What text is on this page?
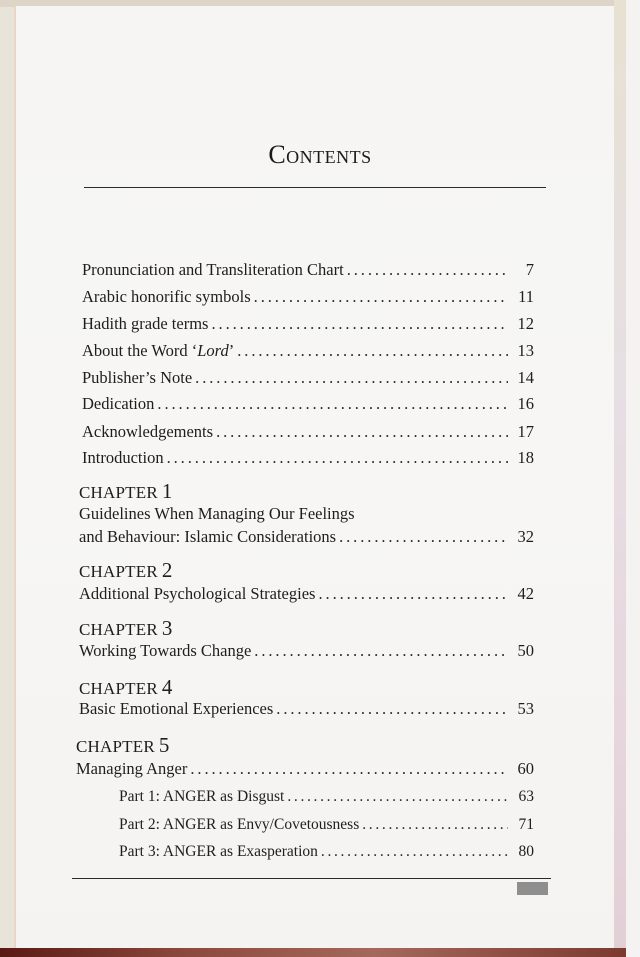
Contents
Pronunciation and Transliteration Chart . . .	7
Arabic honorific symbols . . .	11
Hadith grade terms . . .	12
About the Word ‘Lord’ . . .	13
Publisher’s Note . . .	14
Dedication . . .	16
Acknowledgements . . .	17
Introduction . . .	18
CHAPTER 1
Guidelines When Managing Our Feelings
and Behaviour: Islamic Considerations . . .	32
CHAPTER 2
Additional Psychological Strategies . . .	42
CHAPTER 3
Working Towards Change . . .	50
CHAPTER 4
Basic Emotional Experiences . . .	53
CHAPTER 5
Managing Anger . . .	60
Part 1: ANGER as Disgust . . .	63
Part 2: ANGER as Envy/Covetousness . . .	71
Part 3: ANGER as Exasperation . . .	80
